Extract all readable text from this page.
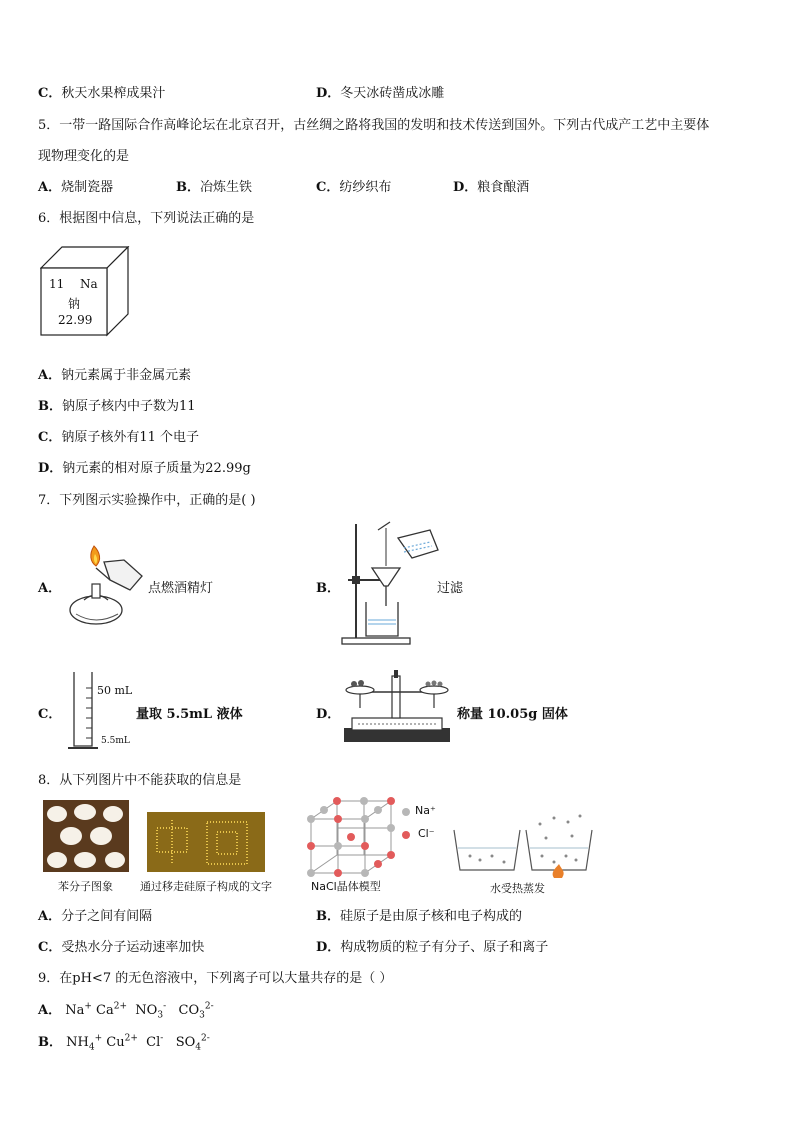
C．秋天水果榨成果汁	D．冬天冰砖凿成冰雕
5．一带一路国际合作高峰论坛在北京召开，古丝绸之路将我国的发明和技术传送到国外。下列古代成产工艺中主要体
现物理变化的是
A．烧制瓷器	B．冶炼生铁	C．纺纱织布	D．粮食酿酒
6．根据图中信息，下列说法正确的是
11 Na
钠
22.99
A．钠元素属于非金属元素
B．钠原子核内中子数为11
C．钠原子核外有11 个电子
D．钠元素的相对原子质量为22.99g
7．下列图示实验操作中，正确的是( )
A．	点燃酒精灯	B．	过滤
C．
50 mL
5.5mL
量取 5.5mL 液体	D．	称量 10.05g 固体
8．从下列图片中不能获取的信息是
苯分子图象 通过移走硅原子构成的文字
Na⁺
Cl⁻
NaCl晶体模型	水受热蒸发
A．分子之间有间隔	B．硅原子是由原子核和电子构成的
C．受热水分子运动速率加快	D．构成物质的粒子有分子、原子和离子
9．在pH<7 的无色溶液中，下列离子可以大量共存的是（ ）
A． Na+ $Ca^{2+}$  $NO_3^-$   $CO_3^{2-}$
B． $NH_4^+$ $Cu^{2+}$  Cl-   $SO_4^{2-}$
